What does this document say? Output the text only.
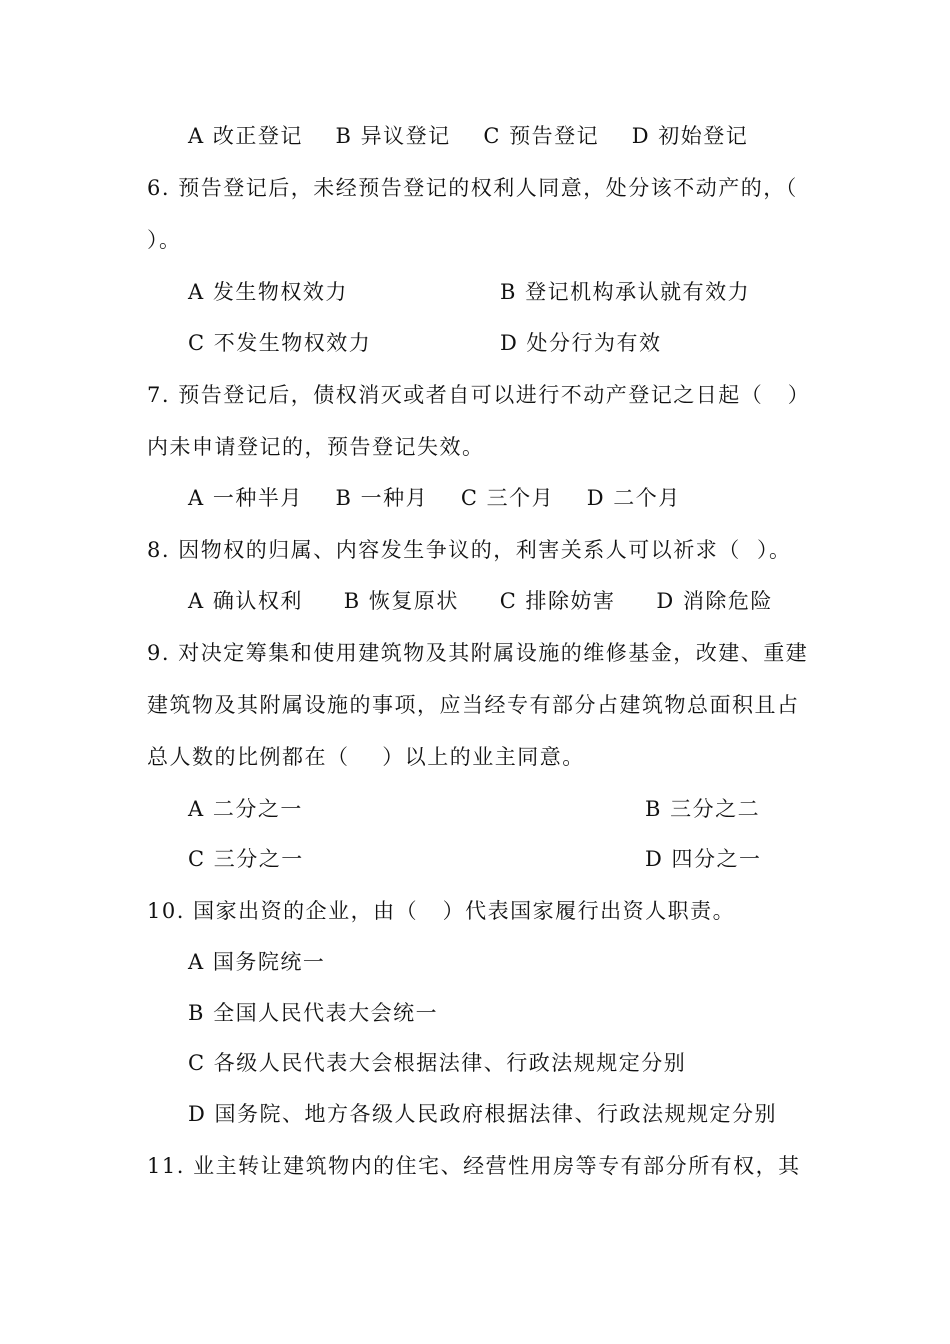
A 改正登记    B 异议登记    C 预告登记    D 初始登记
6. 预告登记后，未经预告登记的权利人同意，处分该不动产的，（
）。
A 发生物权效力	B 登记机构承认就有效力
C 不发生物权效力	D 处分行为有效
7. 预告登记后，债权消灭或者自可以进行不动产登记之日起（   ）
内未申请登记的，预告登记失效。
A 一种半月    B 一种月    C 三个月    D 二个月
8. 因物权的归属、内容发生争议的，利害关系人可以祈求（  ）。
A 确认权利     B 恢复原状     C 排除妨害     D 消除危险
9. 对决定筹集和使用建筑物及其附属设施的维修基金，改建、重建
建筑物及其附属设施的事项，应当经专有部分占建筑物总面积且占
总人数的比例都在（    ）以上的业主同意。
A 二分之一	B 三分之二
C 三分之一	D 四分之一
10. 国家出资的企业，由（   ）代表国家履行出资人职责。
A 国务院统一
B 全国人民代表大会统一
C 各级人民代表大会根据法律、行政法规规定分别
D 国务院、地方各级人民政府根据法律、行政法规规定分别
11. 业主转让建筑物内的住宅、经营性用房等专有部分所有权，其
